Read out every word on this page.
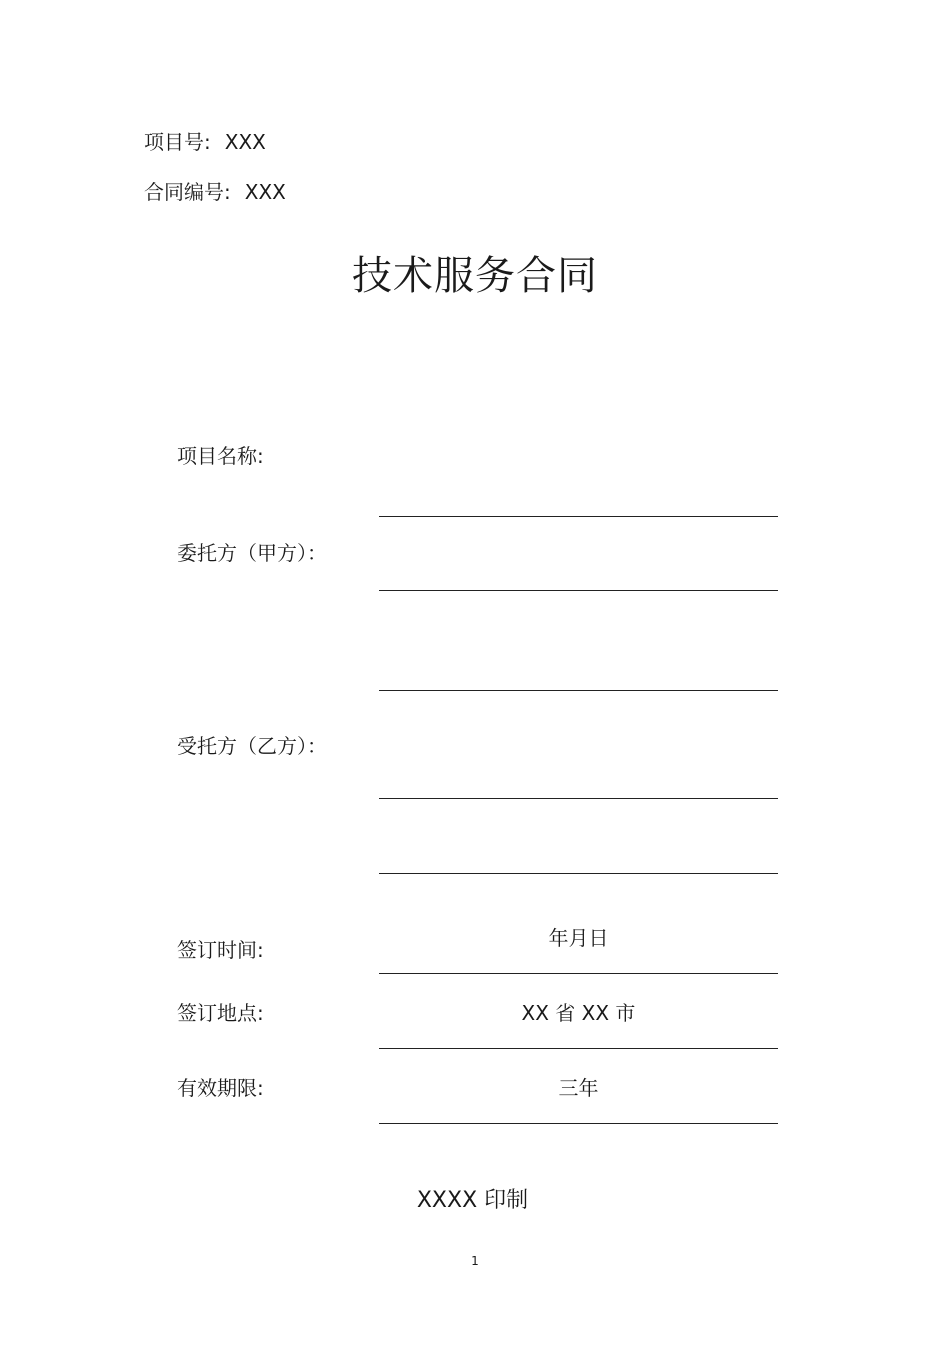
项目号: XXX
合同编号: XXX
技术服务合同
项目名称:
委托方（甲方）：
受托方（乙方）：
年月日
签订时间:
签订地点:	XX 省 XX 市
有效期限:	三年
XXXX 印制
1
